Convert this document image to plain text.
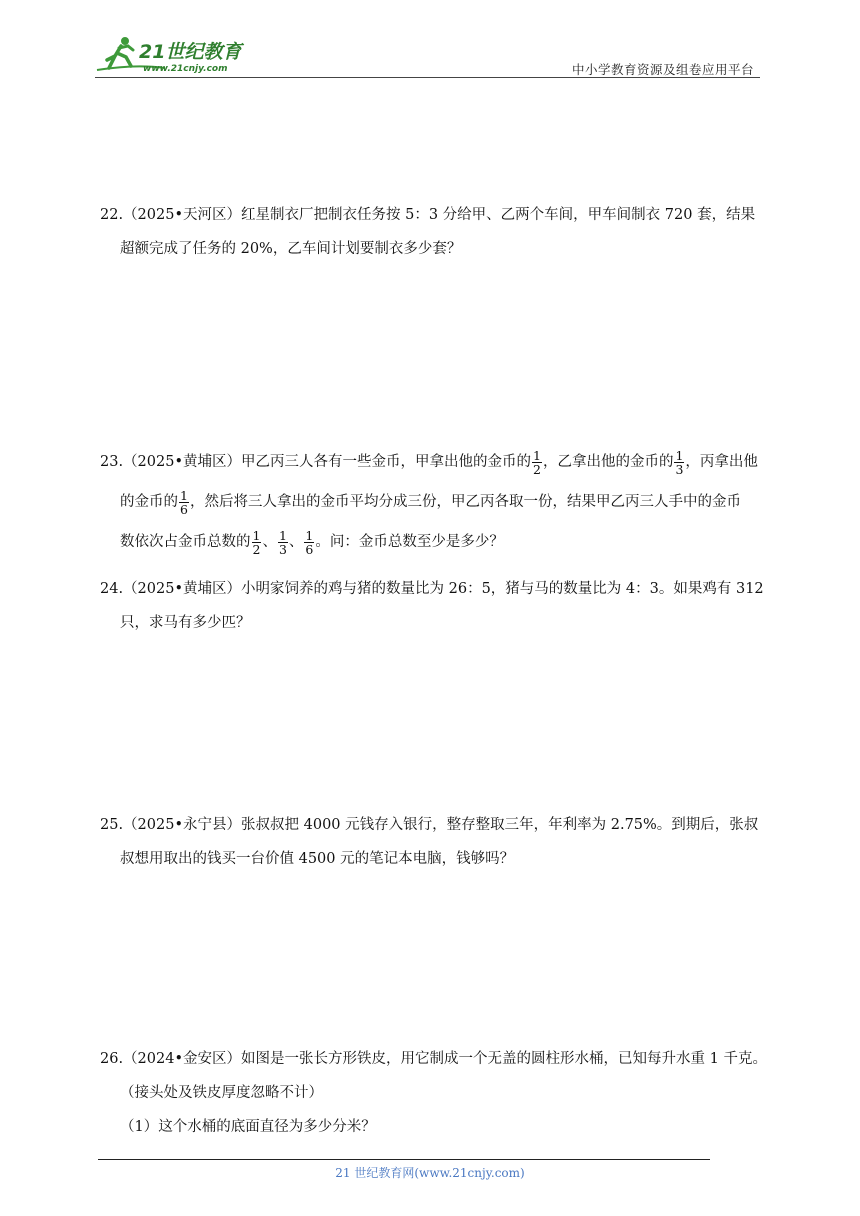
21世纪教育
www.21cnjy.com	中小学教育资源及组卷应用平台
22.（2025•天河区）红星制衣厂把制衣任务按 5：3 分给甲、乙两个车间，甲车间制衣 720 套，结果
超额完成了任务的 20%，乙车间计划要制衣多少套？
23.（2025•黄埔区）甲乙丙三人各有一些金币，甲拿出他的金币的 $\frac{1}{2}$ ，乙拿出他的金币的 $\frac{1}{3}$ ，丙拿出他
的金币的 $\frac{1}{6}$ ，然后将三人拿出的金币平均分成三份，甲乙丙各取一份，结果甲乙丙三人手中的金币
数依次占金币总数的 $\frac{1}{2}$ 、 $\frac{1}{3}$ 、 $\frac{1}{6}$ 。问：金币总数至少是多少？
24.（2025•黄埔区）小明家饲养的鸡与猪的数量比为 26：5，猪与马的数量比为 4：3。如果鸡有 312
只，求马有多少匹？
25.（2025•永宁县）张叔叔把 4000 元钱存入银行，整存整取三年，年利率为 2.75%。到期后，张叔
叔想用取出的钱买一台价值 4500 元的笔记本电脑，钱够吗？
26.（2024•金安区）如图是一张长方形铁皮，用它制成一个无盖的圆柱形水桶，已知每升水重 1 千克。
（接头处及铁皮厚度忽略不计）
（1）这个水桶的底面直径为多少分米？
21 世纪教育网(www.21cnjy.com)
